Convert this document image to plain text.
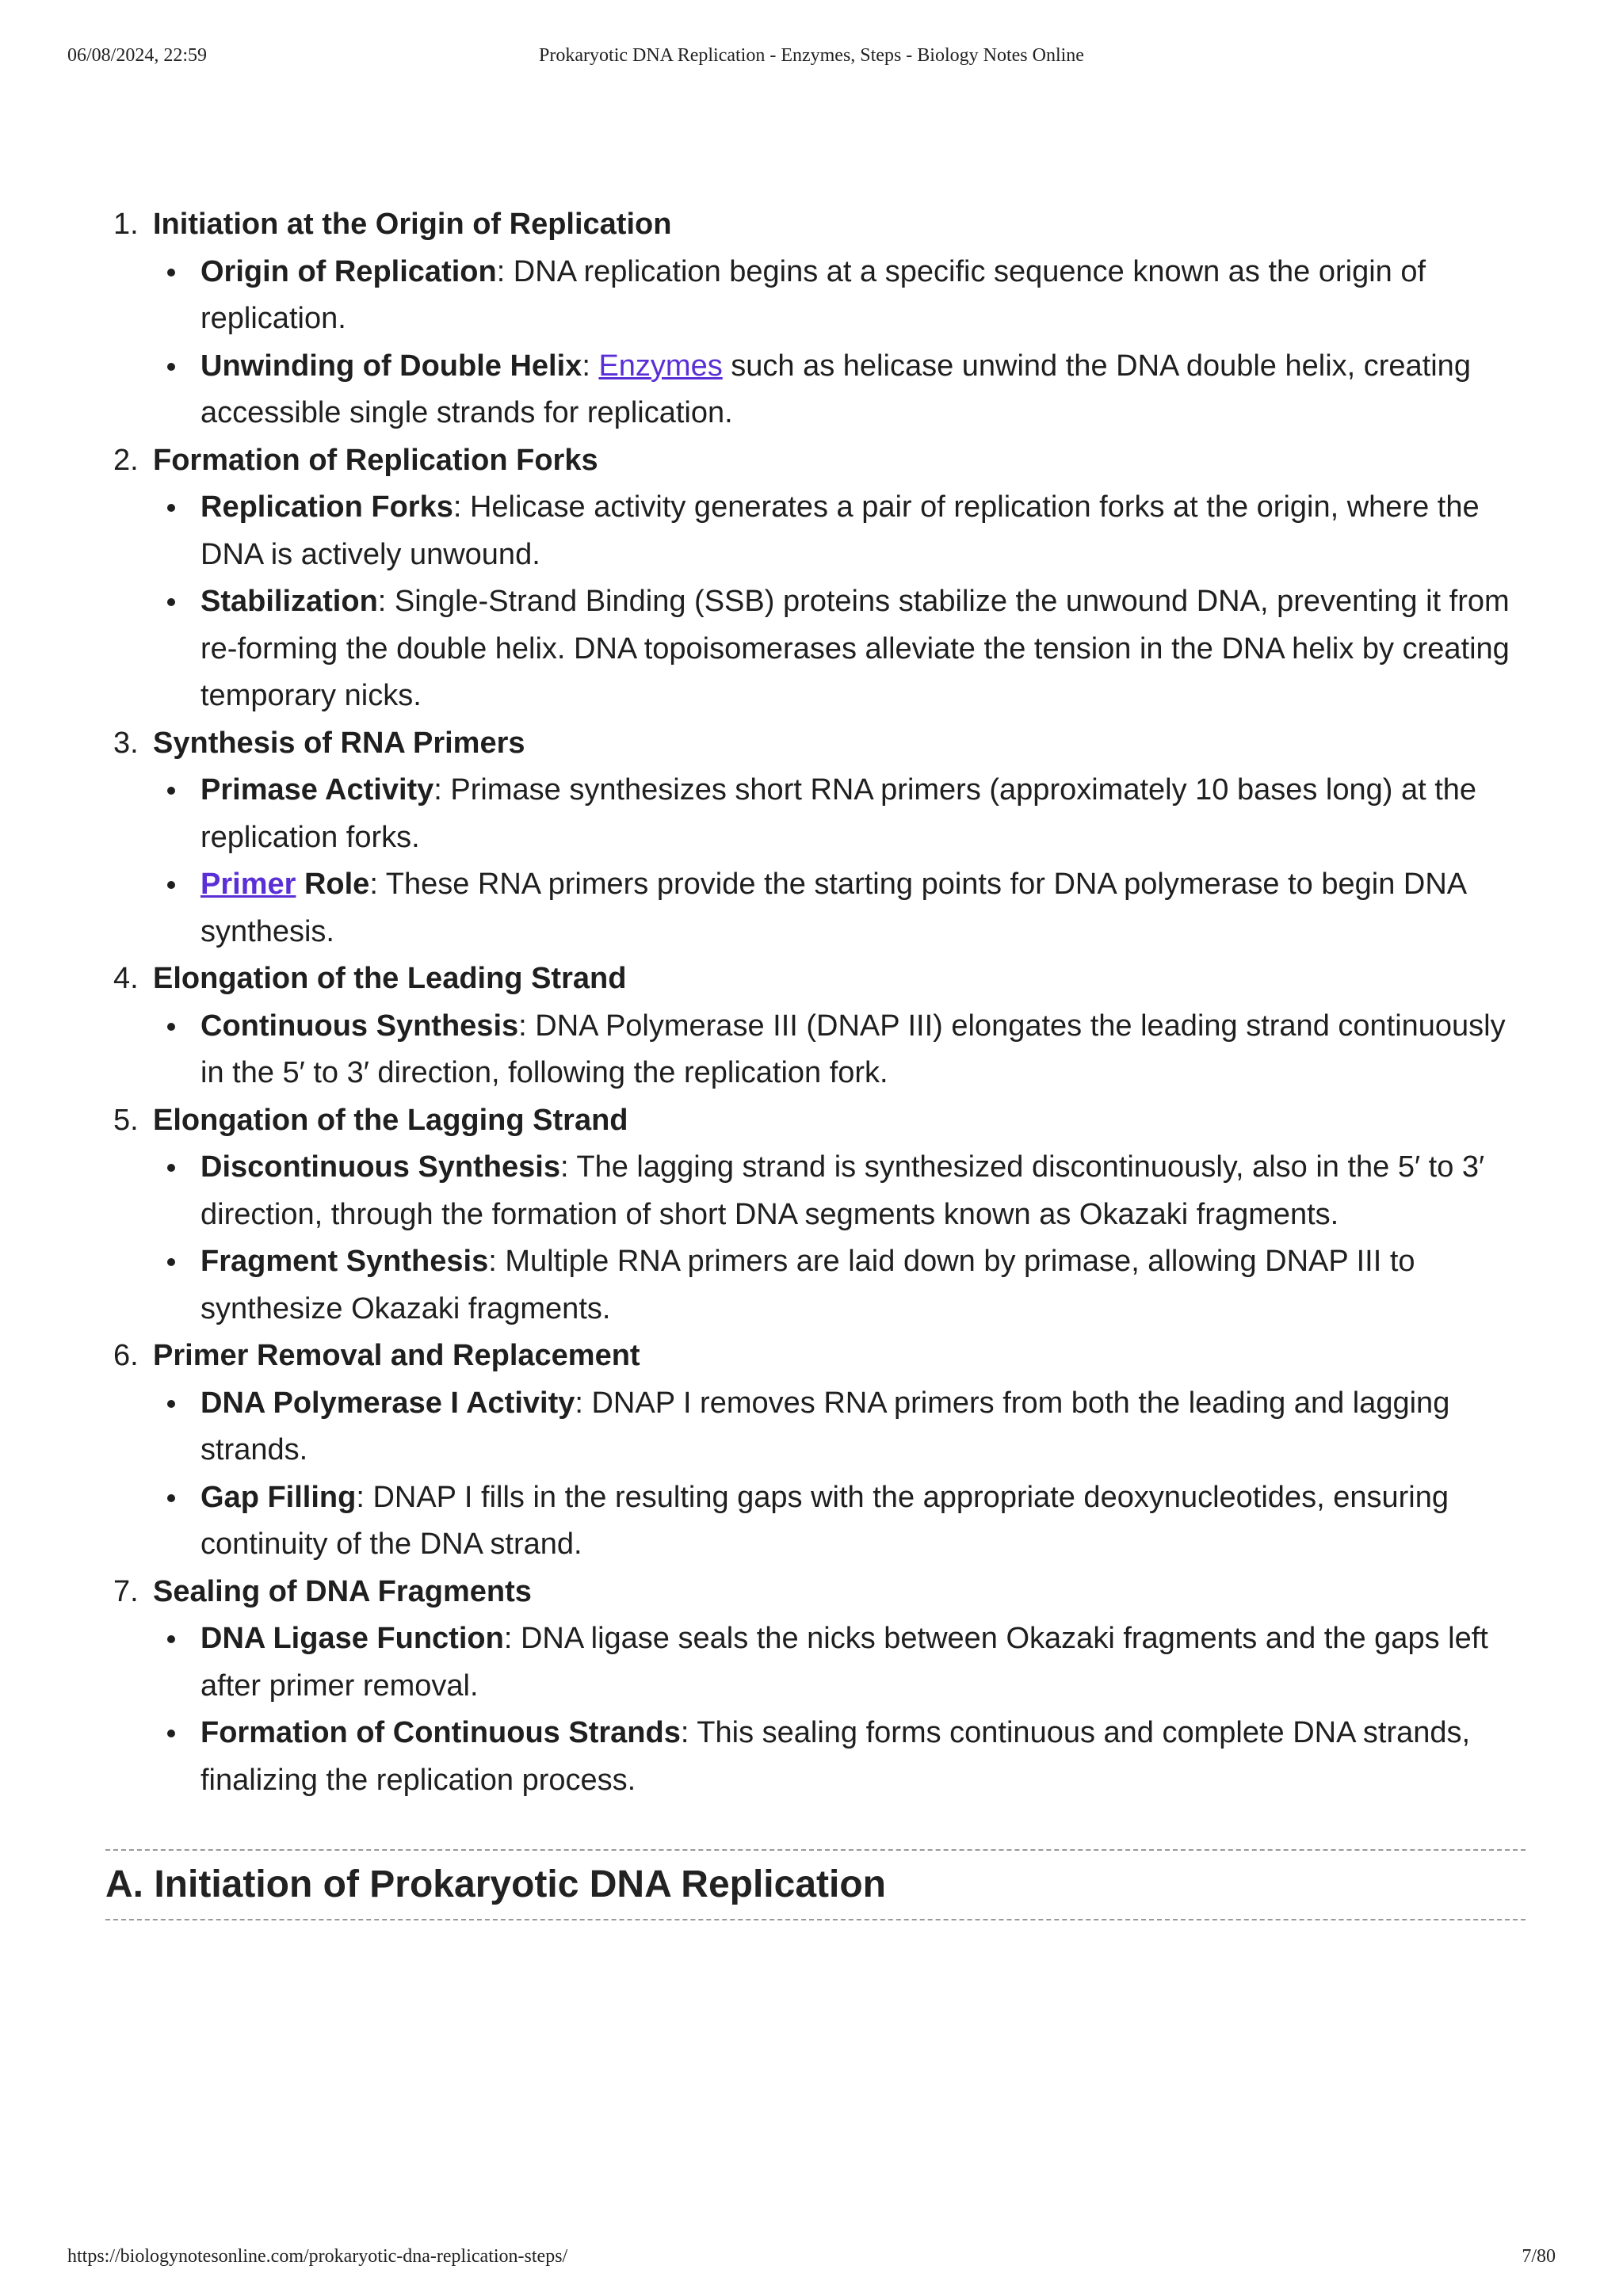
06/08/2024, 22:59	Prokaryotic DNA Replication - Enzymes, Steps - Biology Notes Online
1. Initiation at the Origin of Replication
Origin of Replication: DNA replication begins at a specific sequence known as the origin of replication.
Unwinding of Double Helix: Enzymes such as helicase unwind the DNA double helix, creating accessible single strands for replication.
2. Formation of Replication Forks
Replication Forks: Helicase activity generates a pair of replication forks at the origin, where the DNA is actively unwound.
Stabilization: Single-Strand Binding (SSB) proteins stabilize the unwound DNA, preventing it from re-forming the double helix. DNA topoisomerases alleviate the tension in the DNA helix by creating temporary nicks.
3. Synthesis of RNA Primers
Primase Activity: Primase synthesizes short RNA primers (approximately 10 bases long) at the replication forks.
Primer Role: These RNA primers provide the starting points for DNA polymerase to begin DNA synthesis.
4. Elongation of the Leading Strand
Continuous Synthesis: DNA Polymerase III (DNAP III) elongates the leading strand continuously in the 5′ to 3′ direction, following the replication fork.
5. Elongation of the Lagging Strand
Discontinuous Synthesis: The lagging strand is synthesized discontinuously, also in the 5′ to 3′ direction, through the formation of short DNA segments known as Okazaki fragments.
Fragment Synthesis: Multiple RNA primers are laid down by primase, allowing DNAP III to synthesize Okazaki fragments.
6. Primer Removal and Replacement
DNA Polymerase I Activity: DNAP I removes RNA primers from both the leading and lagging strands.
Gap Filling: DNAP I fills in the resulting gaps with the appropriate deoxynucleotides, ensuring continuity of the DNA strand.
7. Sealing of DNA Fragments
DNA Ligase Function: DNA ligase seals the nicks between Okazaki fragments and the gaps left after primer removal.
Formation of Continuous Strands: This sealing forms continuous and complete DNA strands, finalizing the replication process.
A. Initiation of Prokaryotic DNA Replication
https://biologynotesonline.com/prokaryotic-dna-replication-steps/	7/80
